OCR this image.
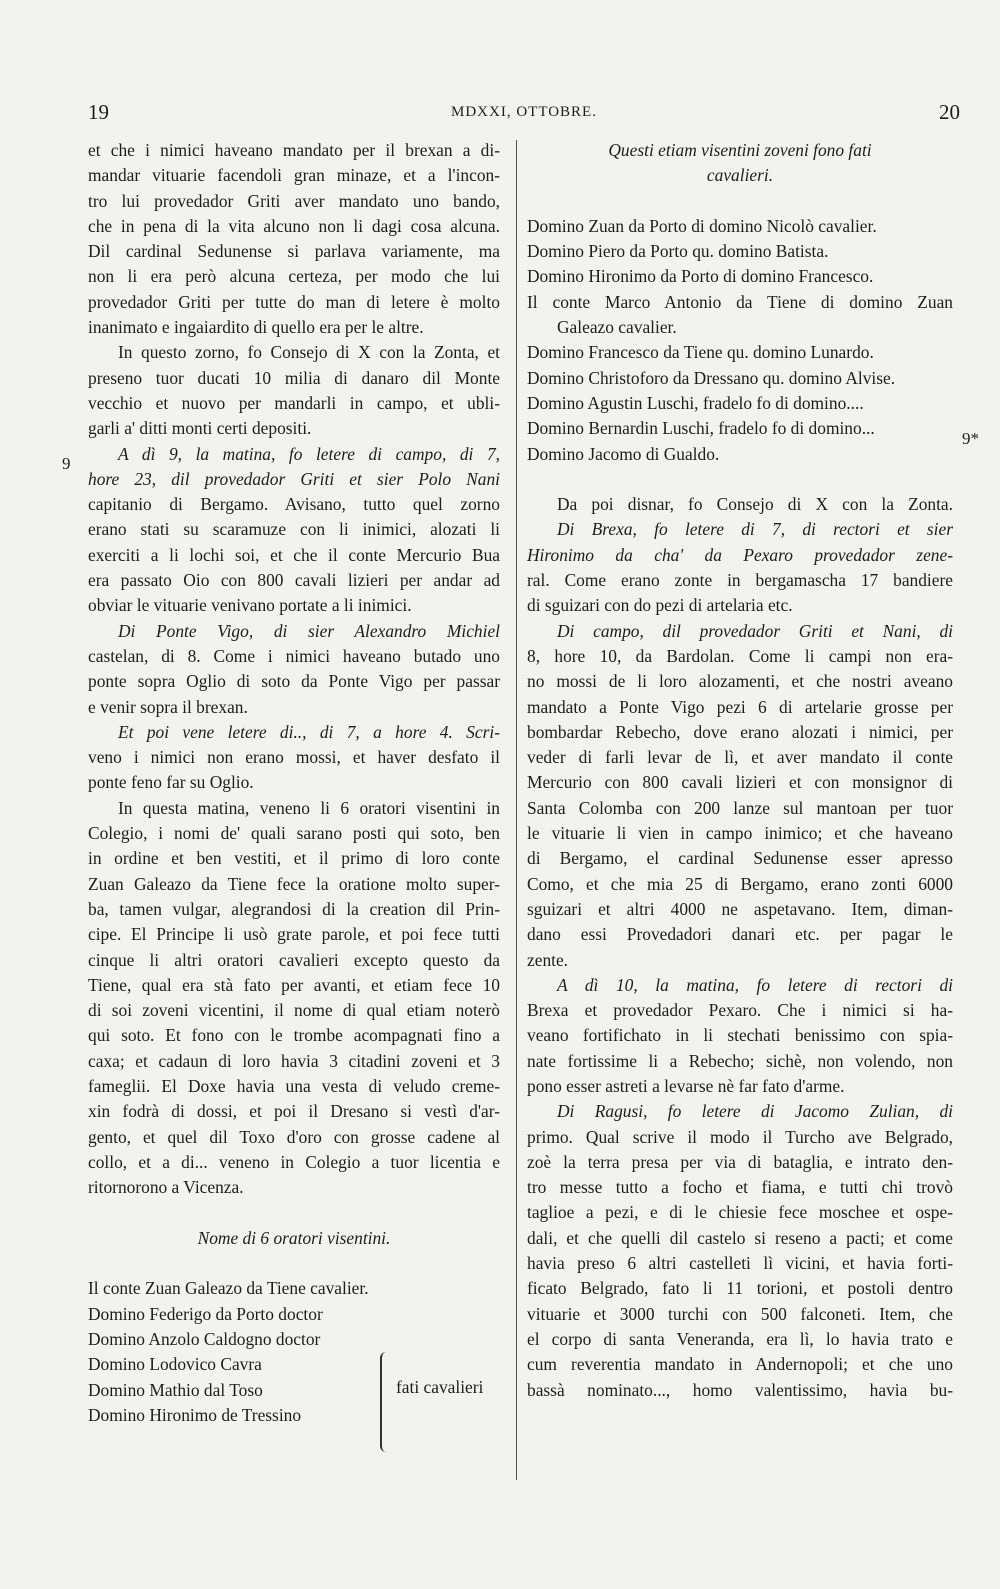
19	MDXXI, OTTOBRE.	20
9
9*
et che i nimici haveano mandato per il brexan a di-
mandar vituarie facendoli gran minaze, et a l'incon-
tro lui provedador Griti aver mandato uno bando,
che in pena di la vita alcuno non li dagi cosa alcuna.
Dil cardinal Sedunense si parlava variamente, ma
non li era però alcuna certeza, per modo che lui
provedador Griti per tutte do man di letere è molto
inanimato e ingaiardito di quello era per le altre.
In questo zorno, fo Consejo di X con la Zonta, et
preseno tuor ducati 10 milia di danaro dil Monte
vecchio et nuovo per mandarli in campo, et ubli-
garli a' ditti monti certi depositi.
A dì 9, la matina, fo letere di campo, di 7,
hore 23, dil provedador Griti et sier Polo Nani
capitanio di Bergamo. Avisano, tutto quel zorno
erano stati su scaramuze con li inimici, alozati li
exerciti a li lochi soi, et che il conte Mercurio Bua
era passato Oio con 800 cavali lizieri per andar ad
obviar le vituarie venivano portate a li inimici.
Di Ponte Vigo, di sier Alexandro Michiel
castelan, di 8. Come i nimici haveano butado uno
ponte sopra Oglio di soto da Ponte Vigo per passar
e venir sopra il brexan.
Et poi vene letere di.., di 7, a hore 4. Scri-
veno i nimici non erano mossi, et haver desfato il
ponte feno far su Oglio.
In questa matina, veneno li 6 oratori visentini in
Colegio, i nomi de' quali sarano posti qui soto, ben
in ordine et ben vestiti, et il primo di loro conte
Zuan Galeazo da Tiene fece la oratione molto super-
ba, tamen vulgar, alegrandosi di la creation dil Prin-
cipe. El Principe li usò grate parole, et poi fece tutti
cinque li altri oratori cavalieri excepto questo da
Tiene, qual era stà fato per avanti, et etiam fece 10
di soi zoveni vicentini, il nome di qual etiam noterò
qui soto. Et fono con le trombe acompagnati fino a
caxa; et cadaun di loro havia 3 citadini zoveni et 3
fameglii. El Doxe havia una vesta di veludo creme-
xin fodrà di dossi, et poi il Dresano si vestì d'ar-
gento, et quel dil Toxo d'oro con grosse cadene al
collo, et a di... veneno in Colegio a tuor licentia e
ritornorono a Vicenza.
Nome di 6 oratori visentini.
Il conte Zuan Galeazo da Tiene cavalier.
Domino Federigo da Porto doctor
Domino Anzolo Caldogno doctor
Domino Lodovico Cavra
Domino Mathio dal Toso
Domino Hironimo de Tressino
Questi etiam visentini zoveni fono fati
cavalieri.
Domino Zuan da Porto di domino Nicolò cavalier.
Domino Piero da Porto qu. domino Batista.
Domino Hironimo da Porto di domino Francesco.
Il conte Marco Antonio da Tiene di domino Zuan
Galeazo cavalier.
Domino Francesco da Tiene qu. domino Lunardo.
Domino Christoforo da Dressano qu. domino Alvise.
Domino Agustin Luschi, fradelo fo di domino....
Domino Bernardin Luschi, fradelo fo di domino...
Domino Jacomo di Gualdo.
Da poi disnar, fo Consejo di X con la Zonta.
Di Brexa, fo letere di 7, di rectori et sier
Hironimo da cha' da Pexaro provedador zene-
ral. Come erano zonte in bergamascha 17 bandiere
di sguizari con do pezi di artelaria etc.
Di campo, dil provedador Griti et Nani, di
8, hore 10, da Bardolan. Come li campi non era-
no mossi de li loro alozamenti, et che nostri aveano
mandato a Ponte Vigo pezi 6 di artelarie grosse per
bombardar Rebecho, dove erano alozati i nimici, per
veder di farli levar de lì, et aver mandato il conte
Mercurio con 800 cavali lizieri et con monsignor di
Santa Colomba con 200 lanze sul mantoan per tuor
le vituarie li vien in campo inimico; et che haveano
di Bergamo, el cardinal Sedunense esser apresso
Como, et che mia 25 di Bergamo, erano zonti 6000
sguizari et altri 4000 ne aspetavano. Item, diman-
dano essi Provedadori danari etc. per pagar le
zente.
A dì 10, la matina, fo letere di rectori di
Brexa et provedador Pexaro. Che i nimici si ha-
veano fortifichato in li stechati benissimo con spia-
nate fortissime li a Rebecho; sichè, non volendo, non
pono esser astreti a levarse nè far fato d'arme.
Di Ragusi, fo letere di Jacomo Zulian, di
primo. Qual scrive il modo il Turcho ave Belgrado,
zoè la terra presa per via di bataglia, e intrato den-
tro messe tutto a focho et fiama, e tutti chi trovò
taglioe a pezi, e di le chiesie fece moschee et ospe-
dali, et che quelli dil castelo si reseno a pacti; et come
havia preso 6 altri castelleti lì vicini, et havia forti-
ficato Belgrado, fato li 11 torioni, et postoli dentro
vituarie et 3000 turchi con 500 falconeti. Item, che
el corpo di santa Veneranda, era lì, lo havia trato e
cum reverentia mandato in Andernopoli; et che uno
bassà nominato..., homo valentissimo, havia bu-
fati cavalieri
